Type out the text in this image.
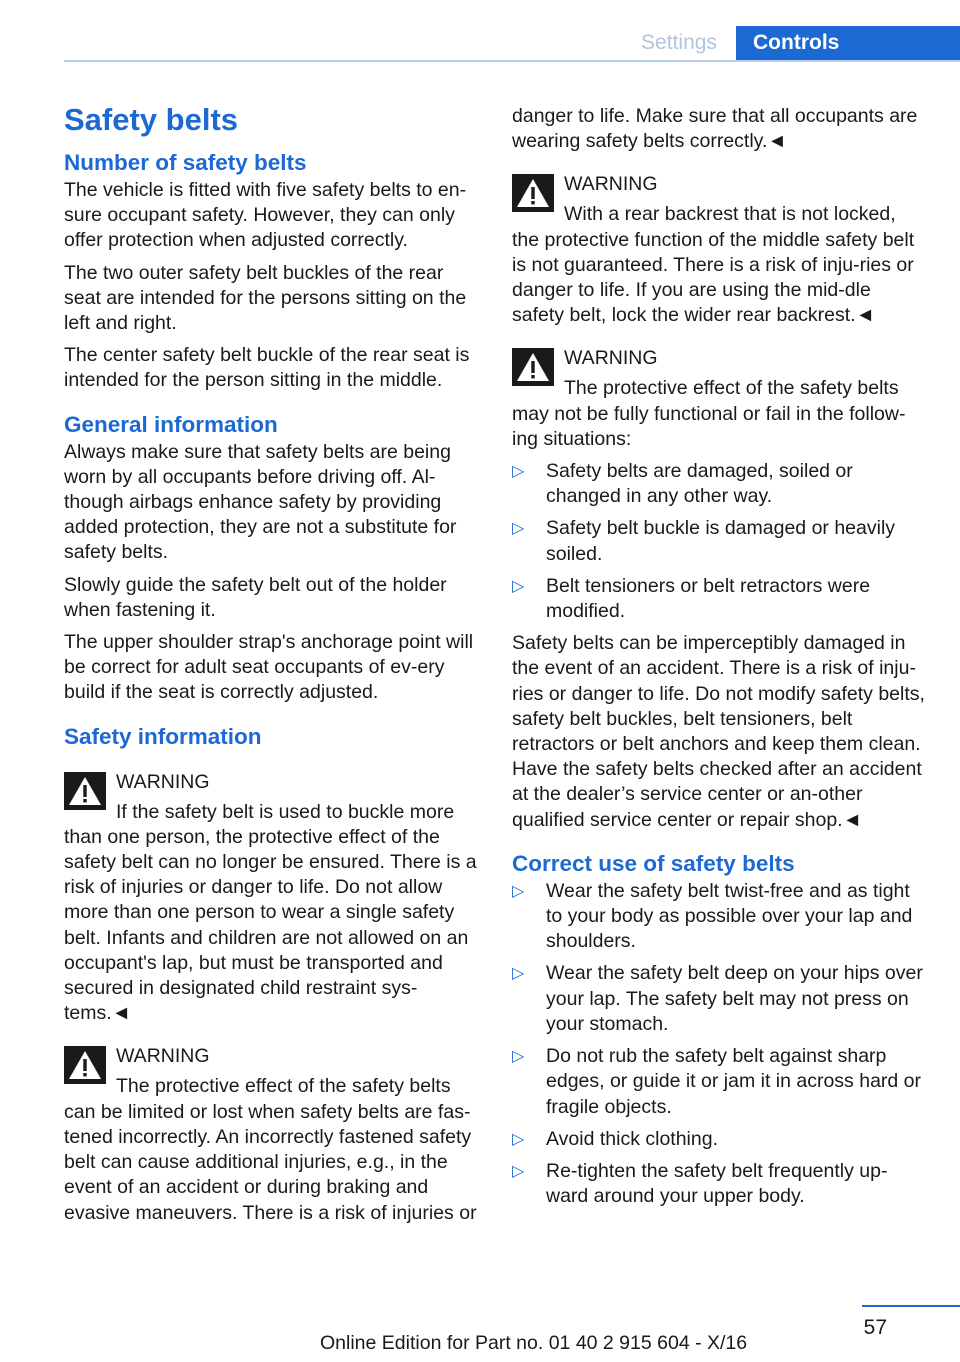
Settings	Controls
Safety belts
Number of safety belts

The vehicle is fitted with five safety belts to en‐sure occupant safety. However, they can only offer protection when adjusted correctly.

The two outer safety belt buckles of the rear seat are intended for the persons sitting on the left and right.

The center safety belt buckle of the rear seat is intended for the person sitting in the middle.

General information

Always make sure that safety belts are being worn by all occupants before driving off. Al‐though airbags enhance safety by providing added protection, they are not a substitute for safety belts.

Slowly guide the safety belt out of the holder when fastening it.

The upper shoulder strap's anchorage point will be correct for adult seat occupants of ev‐ery build if the seat is correctly adjusted.

Safety information
WARNING
If the safety belt is used to buckle more than one person, the protective effect of the safety belt can no longer be ensured. There is a risk of injuries or danger to life. Do not allow more than one person to wear a single safety belt. Infants and children are not allowed on an occupant's lap, but must be transported and secured in designated child restraint sys‐tems.◄
WARNING
The protective effect of the safety belts can be limited or lost when safety belts are fas‐tened incorrectly. An incorrectly fastened safety belt can cause additional injuries, e.g., in the event of an accident or during braking and evasive maneuvers. There is a risk of injuries or

danger to life. Make sure that all occupants are wearing safety belts correctly.◄

WARNING
With a rear backrest that is not locked, the protective function of the middle safety belt is not guaranteed. There is a risk of inju‐ries or danger to life. If you are using the mid‐dle safety belt, lock the wider rear backrest.◄
WARNING
The protective effect of the safety belts may not be fully functional or fail in the follow‐ing situations:
▷ Safety belts are damaged, soiled or changed in any other way.
▷ Safety belt buckle is damaged or heavily soiled.
▷ Belt tensioners or belt retractors were modified.

Safety belts can be imperceptibly damaged in the event of an accident. There is a risk of inju‐ries or danger to life. Do not modify safety belts, safety belt buckles, belt tensioners, belt retractors or belt anchors and keep them clean. Have the safety belts checked after an accident at the dealer’s service center or an‐other qualified service center or repair shop.◄

Correct use of safety belts
▷ Wear the safety belt twist-free and as tight to your body as possible over your lap and shoulders.
▷ Wear the safety belt deep on your hips over your lap. The safety belt may not press on your stomach.
▷ Do not rub the safety belt against sharp edges, or guide it or jam it in across hard or fragile objects.
▷ Avoid thick clothing.
▷ Re-tighten the safety belt frequently up‐ward around your upper body.
57
Online Edition for Part no. 01 40 2 915 604 - X/16
